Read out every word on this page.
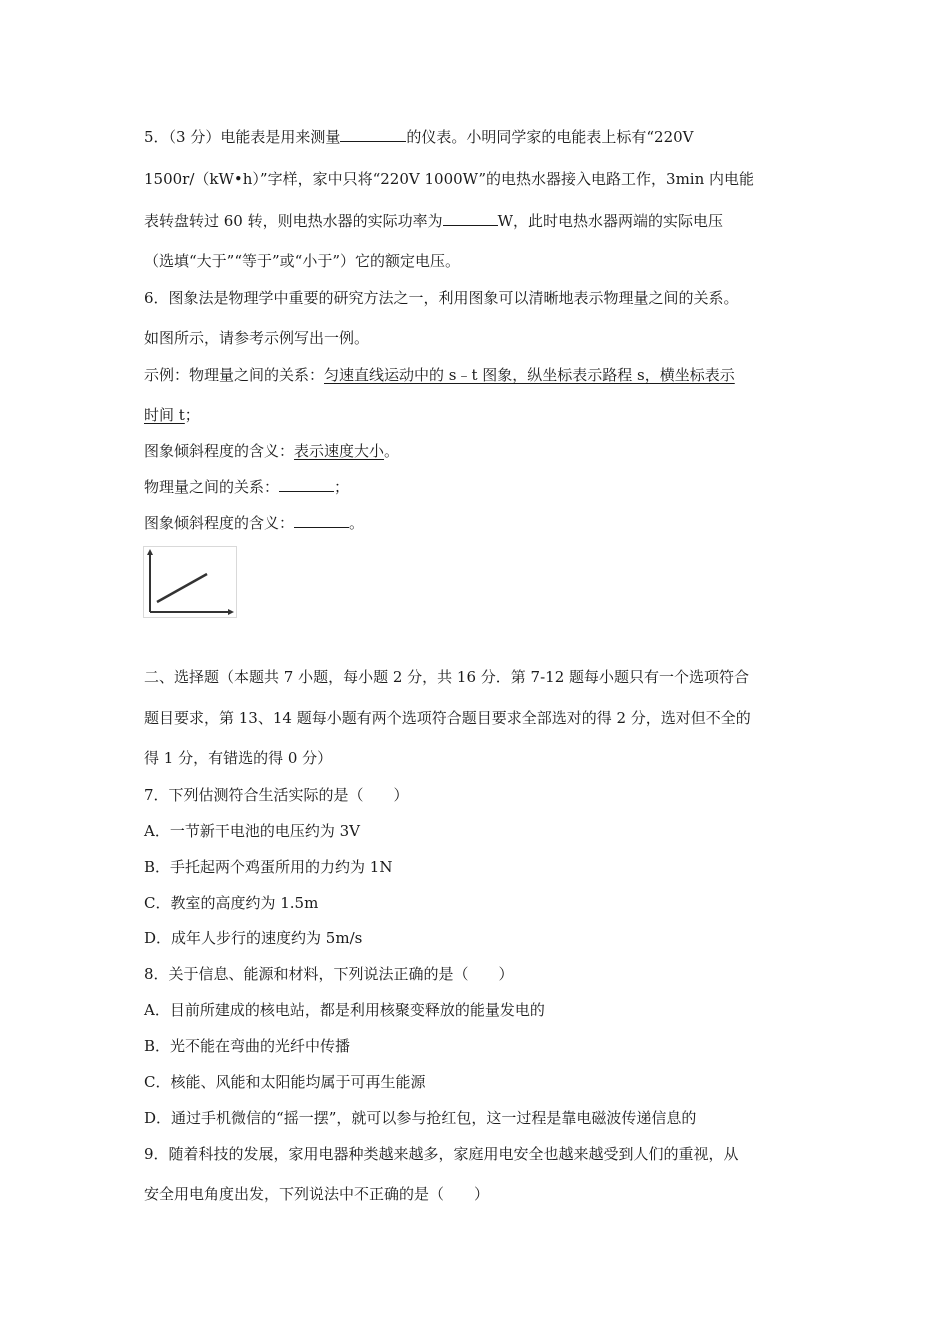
5．（3 分）电能表是用来测量	的仪表。小明同学家的电能表上标有“220V
1500r/（kW•h）”字样，家中只将“220V 1000W”的电热水器接入电路工作，3min 内电能
表转盘转过 60 转，则电热水器的实际功率为	W，此时电热水器两端的实际电压
（选填“大于”“等于”或“小于”）它的额定电压。
6．图象法是物理学中重要的研究方法之一，利用图象可以清晰地表示物理量之间的关系。
如图所示，请参考示例写出一例。
示例：物理量之间的关系：匀速直线运动中的 s﹣t 图象，纵坐标表示路程 s，横坐标表示
时间 t；
图象倾斜程度的含义：表示速度大小。
物理量之间的关系：	；
图象倾斜程度的含义：	。
二、选择题（本题共 7 小题，每小题 2 分，共 16 分．第 7-12 题每小题只有一个选项符合
题目要求，第 13、14 题每小题有两个选项符合题目要求全部选对的得 2 分，选对但不全的
得 1 分，有错选的得 0 分）
7．下列估测符合生活实际的是（　　）
A．一节新干电池的电压约为 3V
B．手托起两个鸡蛋所用的力约为 1N
C．教室的高度约为 1.5m
D．成年人步行的速度约为 5m/s
8．关于信息、能源和材料，下列说法正确的是（　　）
A．目前所建成的核电站，都是利用核聚变释放的能量发电的
B．光不能在弯曲的光纤中传播
C．核能、风能和太阳能均属于可再生能源
D．通过手机微信的“摇一摆”，就可以参与抢红包，这一过程是靠电磁波传递信息的
9．随着科技的发展，家用电器种类越来越多，家庭用电安全也越来越受到人们的重视，从
安全用电角度出发，下列说法中不正确的是（　　）
